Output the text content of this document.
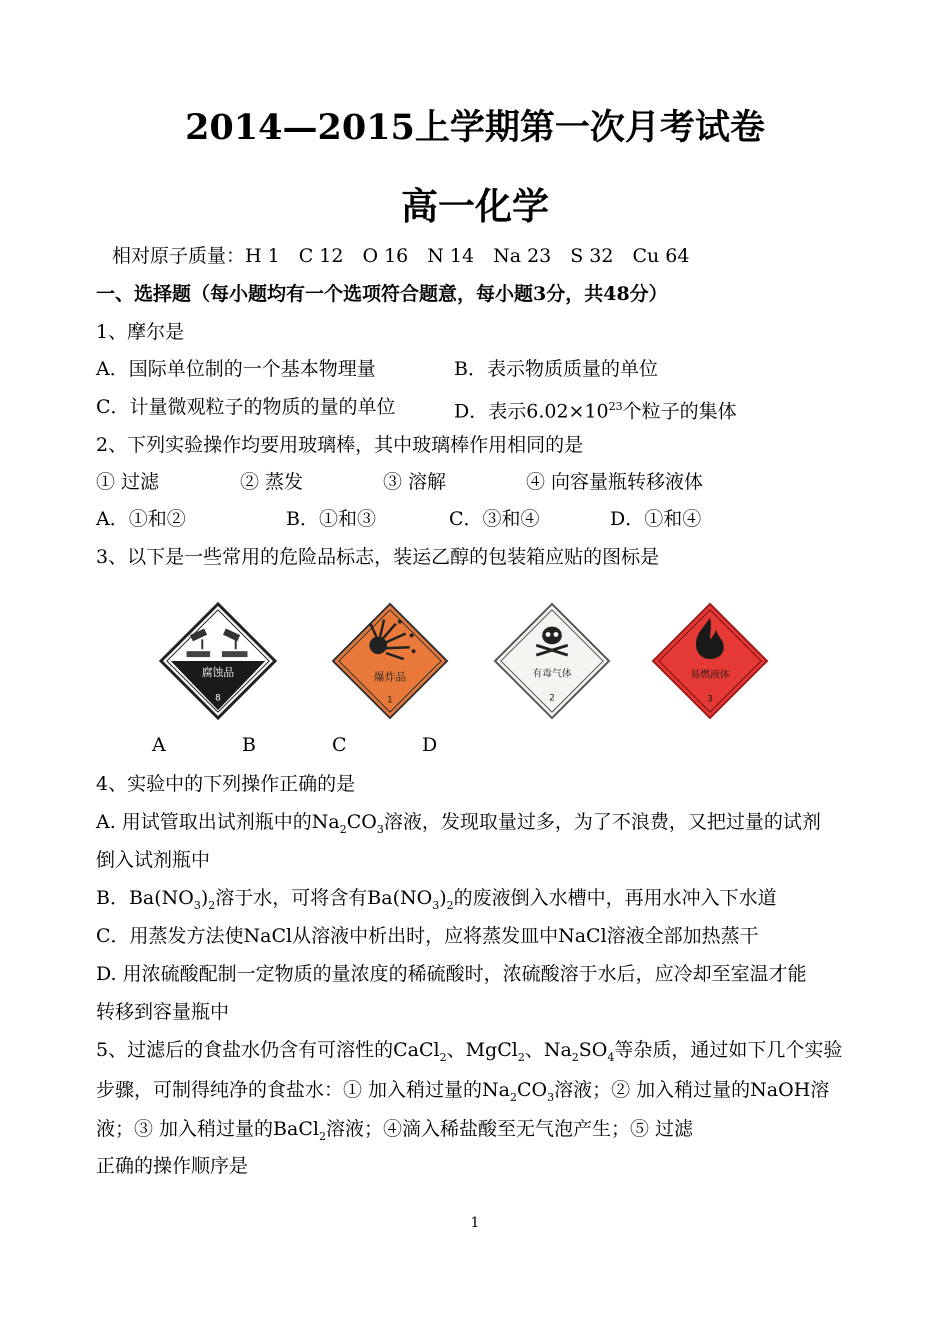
2014—2015上学期第一次月考试卷
高一化学
相对原子质量：H 1　C 12　O 16　N 14　Na 23　S 32　Cu 64
一、选择题（每小题均有一个选项符合题意，每小题3分，共48分）
1、摩尔是
A．国际单位制的一个基本物理量	B．表示物质质量的单位
C．计量微观粒子的物质的量的单位	D．表示$6.02\times 10^{23}$个粒子的集体
2、下列实验操作均要用玻璃棒，其中玻璃棒作用相同的是
① 过滤	② 蒸发	③ 溶解	④ 向容量瓶转移液体
A．①和②	B．①和③	C．③和④	D．①和④
3、以下是一些常用的危险品标志，装运乙醇的包装箱应贴的图标是
腐蚀品
8
爆炸品
1
有毒气体
2
易燃液体
3
A	B	C	D
4、实验中的下列操作正确的是
A. 用试管取出试剂瓶中的$Na_2CO_3$溶液，发现取量过多，为了不浪费，又把过量的试剂
倒入试剂瓶中
B．$Ba(NO_3)_2$溶于水，可将含有$Ba(NO_3)_2$的废液倒入水槽中，再用水冲入下水道
C．用蒸发方法使NaCl从溶液中析出时，应将蒸发皿中NaCl溶液全部加热蒸干
D. 用浓硫酸配制一定物质的量浓度的稀硫酸时，浓硫酸溶于水后，应冷却至室温才能
转移到容量瓶中
5、过滤后的食盐水仍含有可溶性的CaCl$_2$、MgCl$_2$、$Na_2SO_4$等杂质，通过如下几个实验
步骤，可制得纯净的食盐水：① 加入稍过量的$Na_2CO_3$溶液；② 加入稍过量的NaOH溶
液；③ 加入稍过量的BaCl$_2$溶液；④滴入稀盐酸至无气泡产生；⑤ 过滤
正确的操作顺序是
1
